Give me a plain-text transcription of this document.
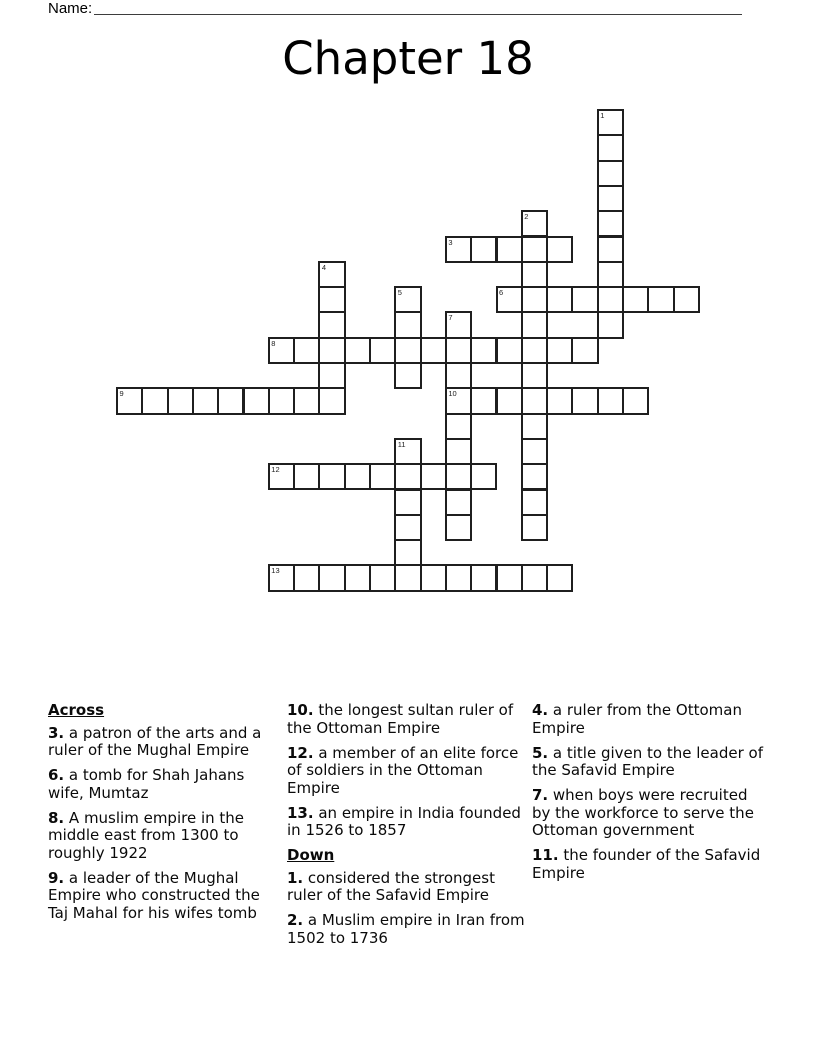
Name:
Chapter 18
1
2
3
4
5	6
7
10
8
9
11
12
13
Across
3. a patron of the arts and a ruler of the Mughal Empire
6. a tomb for Shah Jahans wife, Mumtaz
8. A muslim empire in the middle east from 1300 to roughly 1922
9. a leader of the Mughal Empire who constructed the Taj Mahal for his wifes tomb
10. the longest sultan ruler of the Ottoman Empire
12. a member of an elite force of soldiers in the Ottoman Empire
13. an empire in India founded in 1526 to 1857
Down
1. considered the strongest ruler of the Safavid Empire
2. a Muslim empire in Iran from 1502 to 1736
4. a ruler from the Ottoman Empire
5. a title given to the leader of the Safavid Empire
7. when boys were recruited by the workforce to serve the Ottoman government
11. the founder of the Safavid Empire
